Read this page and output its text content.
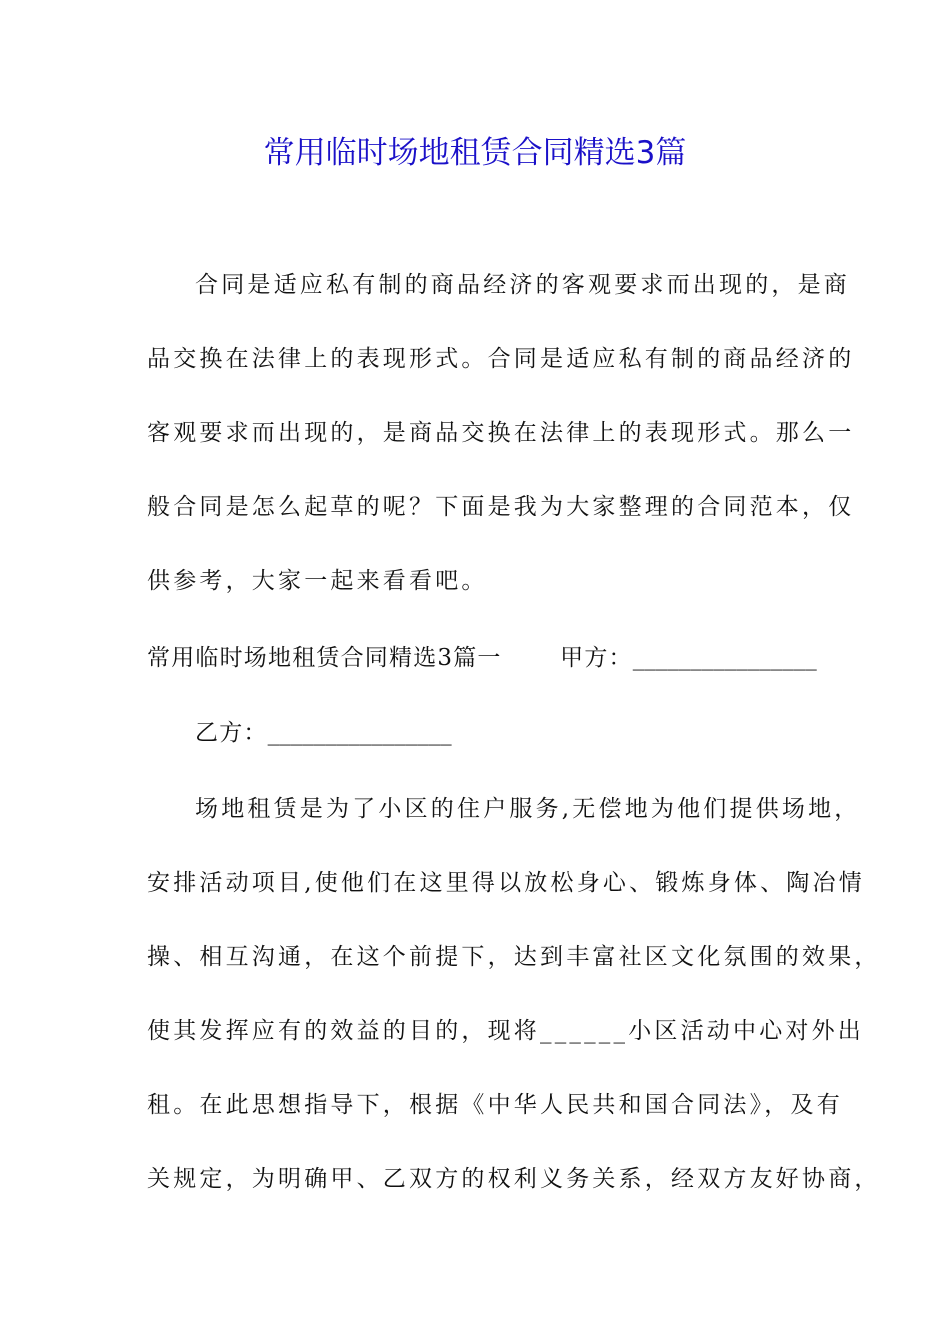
常用临时场地租赁合同精选3篇

合同是适应私有制的商品经济的客观要求而出现的，是商

品交换在法律上的表现形式。合同是适应私有制的商品经济的

客观要求而出现的，是商品交换在法律上的表现形式。那么一

般合同是怎么起草的呢？下面是我为大家整理的合同范本，仅

供参考，大家一起来看看吧。

常用临时场地租赁合同精选3篇一	甲方：________________

乙方：________________

场地租赁是为了小区的住户服务,无偿地为他们提供场地，

安排活动项目,使他们在这里得以放松身心、锻炼身体、陶冶情

操、相互沟通，在这个前提下，达到丰富社区文化氛围的效果，

使其发挥应有的效益的目的，现将______小区活动中心对外出

租。在此思想指导下，根据《中华人民共和国合同法》，及有

关规定，为明确甲、乙双方的权利义务关系，经双方友好协商，
